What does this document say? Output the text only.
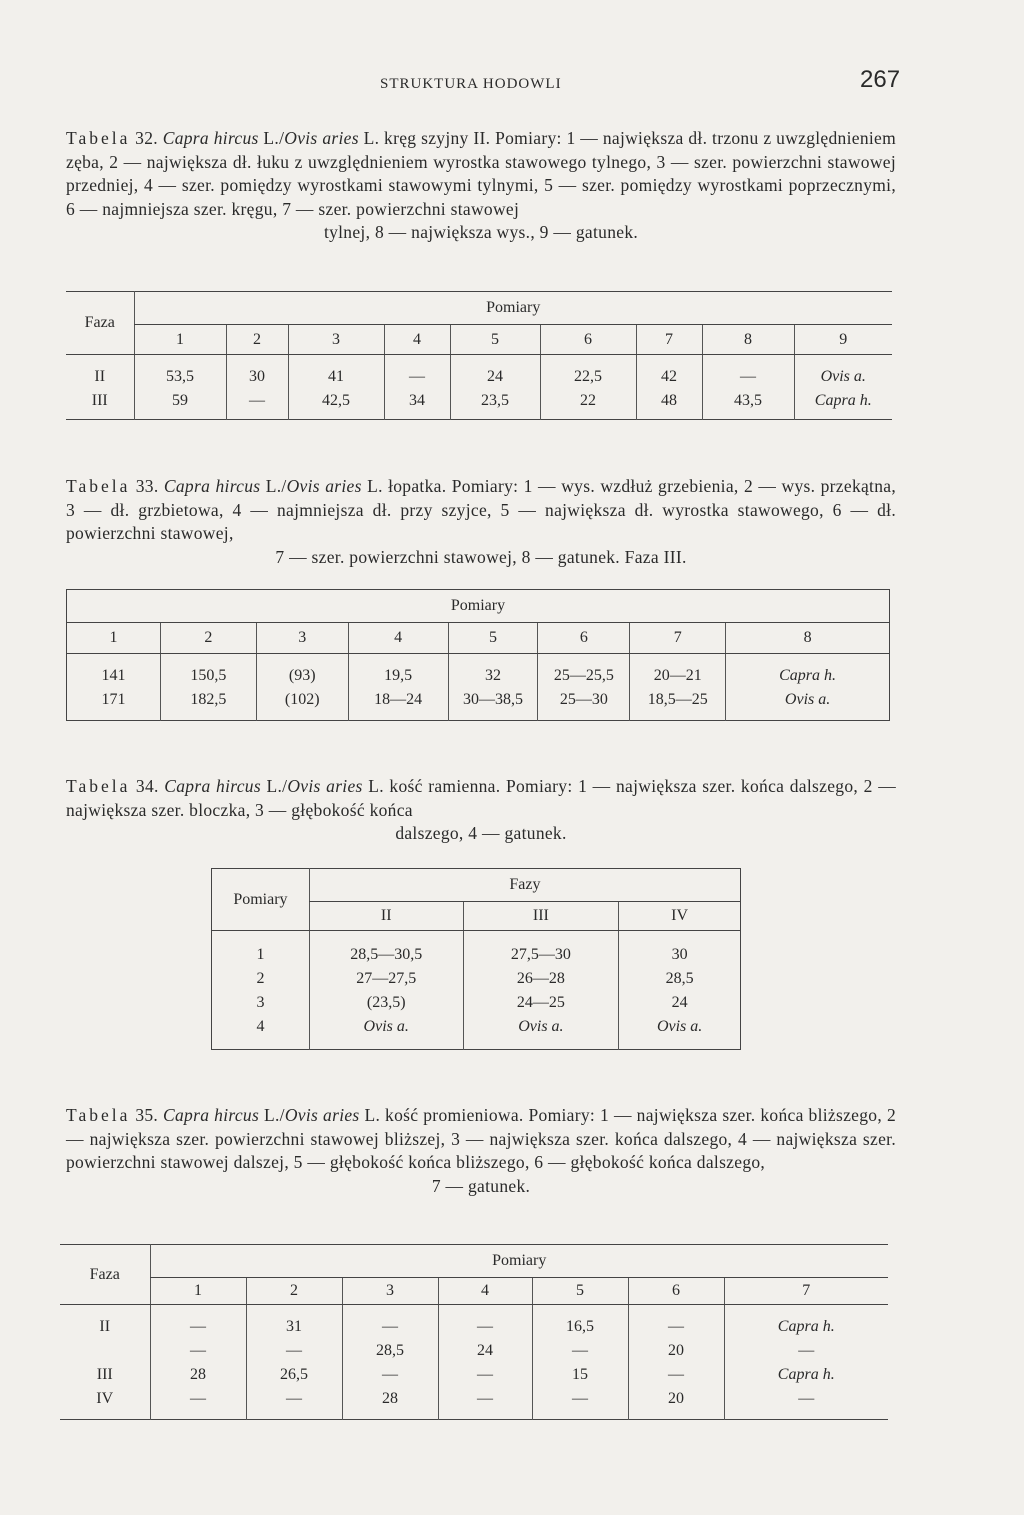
STRUKTURA HODOWLI	267
Tabela 32. Capra hircus L./Ovis aries L. kręg szyjny II. Pomiary: 1 — największa dł. trzonu z uwzględnieniem zęba, 2 — największa dł. łuku z uwzględnieniem wyrostka stawowego tylnego, 3 — szer. powierzchni stawowej przedniej, 4 — szer. pomiędzy wyrostkami stawowymi tylnymi, 5 — szer. pomiędzy wyrostkami poprzecznymi, 6 — najmniejsza szer. kręgu, 7 — szer. powierzchni stawowej
tylnej, 8 — największa wys., 9 — gatunek.
Faza	Pomiary								
	1	2	3	4	5	6	7	8	9
II	53,5	30	41	—	24	22,5	42	—	Ovis a.
III	59	—	42,5	34	23,5	22	48	43,5	Capra h.
Tabela 33. Capra hircus L./Ovis aries L. łopatka. Pomiary: 1 — wys. wzdłuż grzebienia, 2 — wys. przekątna, 3 — dł. grzbietowa, 4 — najmniejsza dł. przy szyjce, 5 — największa dł. wyrostka stawowego, 6 — dł. powierzchni stawowej,
7 — szer. powierzchni stawowej, 8 — gatunek. Faza III.
Pomiary							
1	2	3	4	5	6	7	8
141	150,5	(93)	19,5	32	25—25,5	20—21	Capra h.
171	182,5	(102)	18—24	30—38,5	25—30	18,5—25	Ovis a.
Tabela 34. Capra hircus L./Ovis aries L. kość ramienna. Pomiary: 1 — największa szer. końca dalszego, 2 — największa szer. bloczka, 3 — głębokość końca
dalszego, 4 — gatunek.
Pomiary	Fazy		
	II	III	IV
1	28,5—30,5	27,5—30	30
2	27—27,5	26—28	28,5
3	(23,5)	24—25	24
4	Ovis a.	Ovis a.	Ovis a.
Tabela 35. Capra hircus L./Ovis aries L. kość promieniowa. Pomiary: 1 — największa szer. końca bliższego, 2 — największa szer. powierzchni stawowej bliższej, 3 — największa szer. końca dalszego, 4 — największa szer. powierzchni stawowej dalszej, 5 — głębokość końca bliższego, 6 — głębokość końca dalszego,
7 — gatunek.
Faza	Pomiary						
	1	2	3	4	5	6	7
II	—	31	—	—	16,5	—	Capra h.
	—	—	28,5	24	—	20	—
III	28	26,5	—	—	15	—	Capra h.
IV	—	—	28	—	—	20	—
